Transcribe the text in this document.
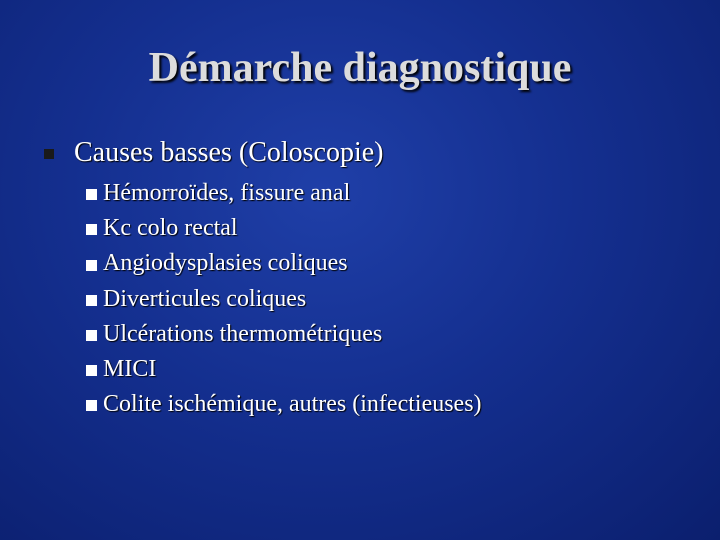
Démarche diagnostique
Causes basses (Coloscopie)
Hémorroïdes, fissure anal
Kc colo rectal
Angiodysplasies coliques
Diverticules coliques
Ulcérations thermométriques
MICI
Colite ischémique, autres (infectieuses)
